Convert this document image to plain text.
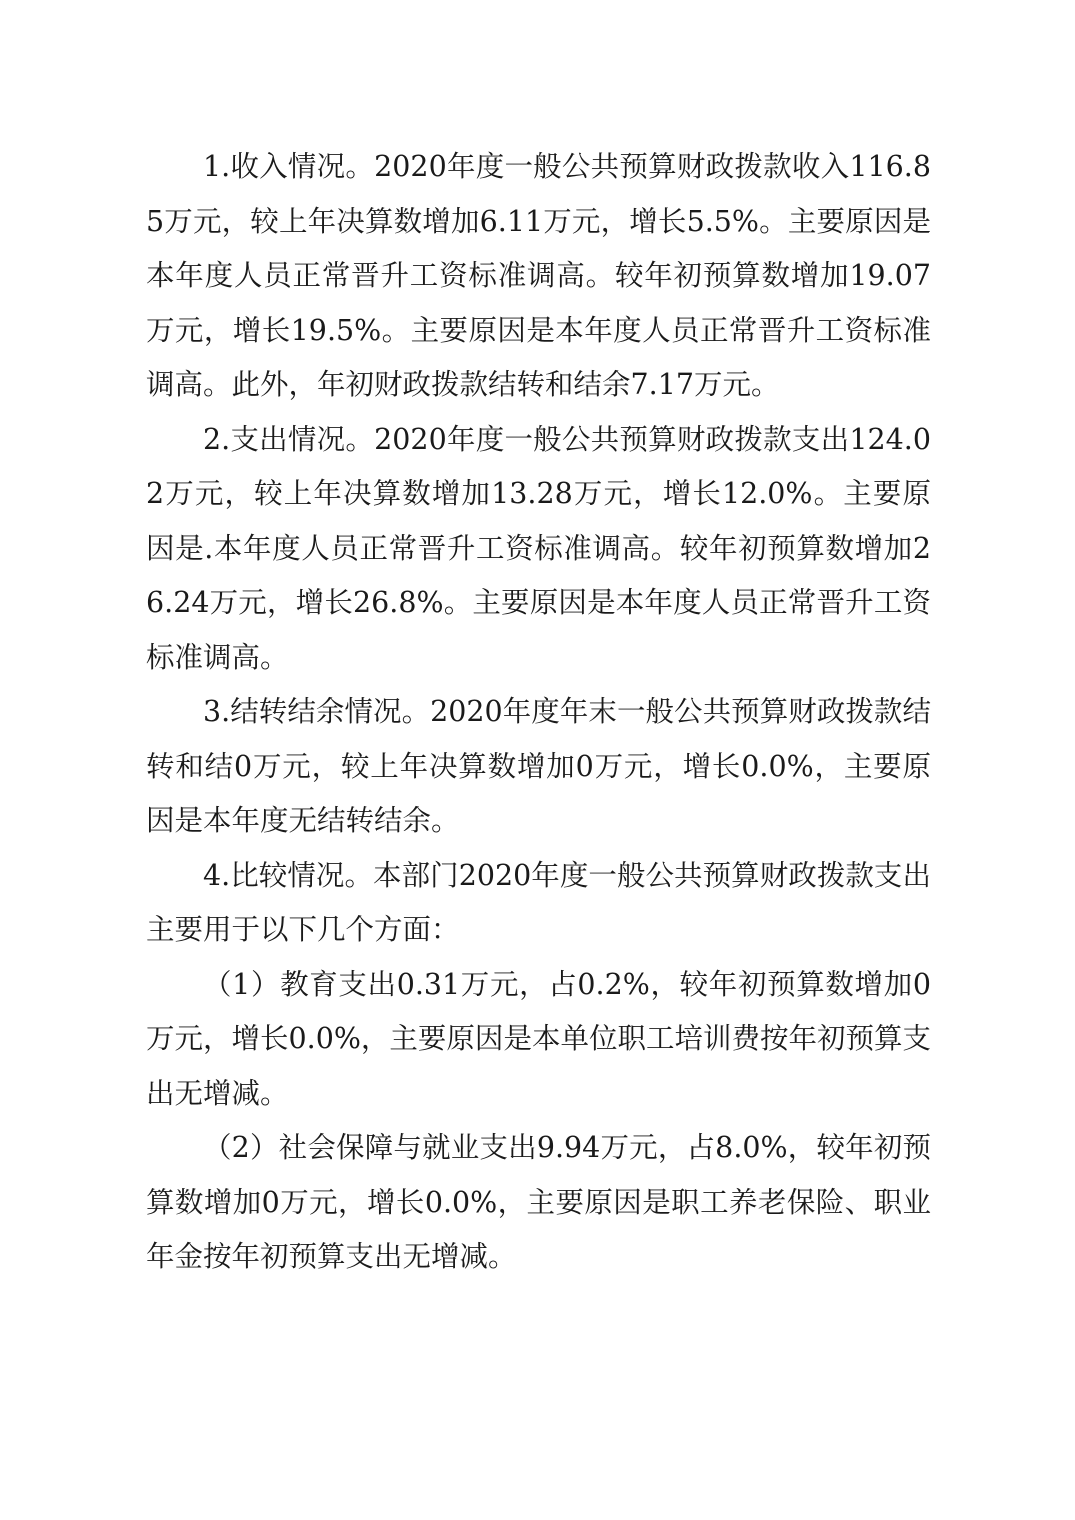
1.收入情况。2020年度一般公共预算财政拨款收入116.85万元，较上年决算数增加6.11万元，增长5.5%。主要原因是本年度人员正常晋升工资标准调高。较年初预算数增加19.07万元，增长19.5%。主要原因是本年度人员正常晋升工资标准调高。此外，年初财政拨款结转和结余7.17万元。

2.支出情况。2020年度一般公共预算财政拨款支出124.02万元，较上年决算数增加13.28万元，增长12.0%。主要原因是.本年度人员正常晋升工资标准调高。较年初预算数增加26.24万元，增长26.8%。主要原因是本年度人员正常晋升工资标准调高。

3.结转结余情况。2020年度年末一般公共预算财政拨款结转和结0万元，较上年决算数增加0万元，增长0.0%，主要原因是本年度无结转结余。

4.比较情况。本部门2020年度一般公共预算财政拨款支出主要用于以下几个方面：

（1）教育支出0.31万元，占0.2%，较年初预算数增加0万元，增长0.0%，主要原因是本单位职工培训费按年初预算支出无增减。

（2）社会保障与就业支出9.94万元，占8.0%，较年初预算数增加0万元，增长0.0%，主要原因是职工养老保险、职业年金按年初预算支出无增减。
